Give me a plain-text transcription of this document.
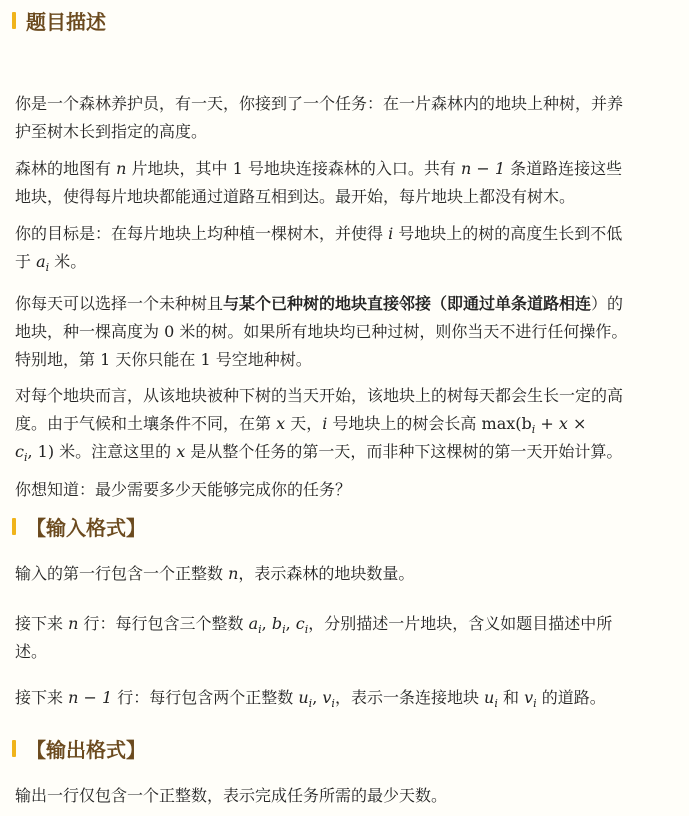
题目描述
你是一个森林养护员，有一天，你接到了一个任务：在一片森林内的地块上种树，并养
护至树木长到指定的高度。
森林的地图有 n 片地块，其中 1 号地块连接森林的入口。共有 n − 1 条道路连接这些
地块，使得每片地块都能通过道路互相到达。最开始，每片地块上都没有树木。
你的目标是：在每片地块上均种植一棵树木，并使得 i 号地块上的树的高度生长到不低
于 $a_i$ 米。
你每天可以选择一个未种树且与某个已种树的地块直接邻接（即通过单条道路相连）的
地块，种一棵高度为 0 米的树。如果所有地块均已种过树，则你当天不进行任何操作。
特别地，第 1 天你只能在 1 号空地种树。
对每个地块而言，从该地块被种下树的当天开始，该地块上的树每天都会生长一定的高
度。由于气候和土壤条件不同，在第 x 天，i 号地块上的树会长高 $\max(b_i + x$ ×
$c_i$, 1) 米。注意这里的 x 是从整个任务的第一天，而非种下这棵树的第一天开始计算。
你想知道：最少需要多少天能够完成你的任务？
【输入格式】
输入的第一行包含一个正整数 n，表示森林的地块数量。
接下来 n 行：每行包含三个整数 $a_i$, $b_i$, $c_i$，分别描述一片地块，含义如题目描述中所
述。
接下来 n − 1 行：每行包含两个正整数 $u_i$, $v_i$，表示一条连接地块 $u_i$ 和 $v_i$ 的道路。
【输出格式】
输出一行仅包含一个正整数，表示完成任务所需的最少天数。
